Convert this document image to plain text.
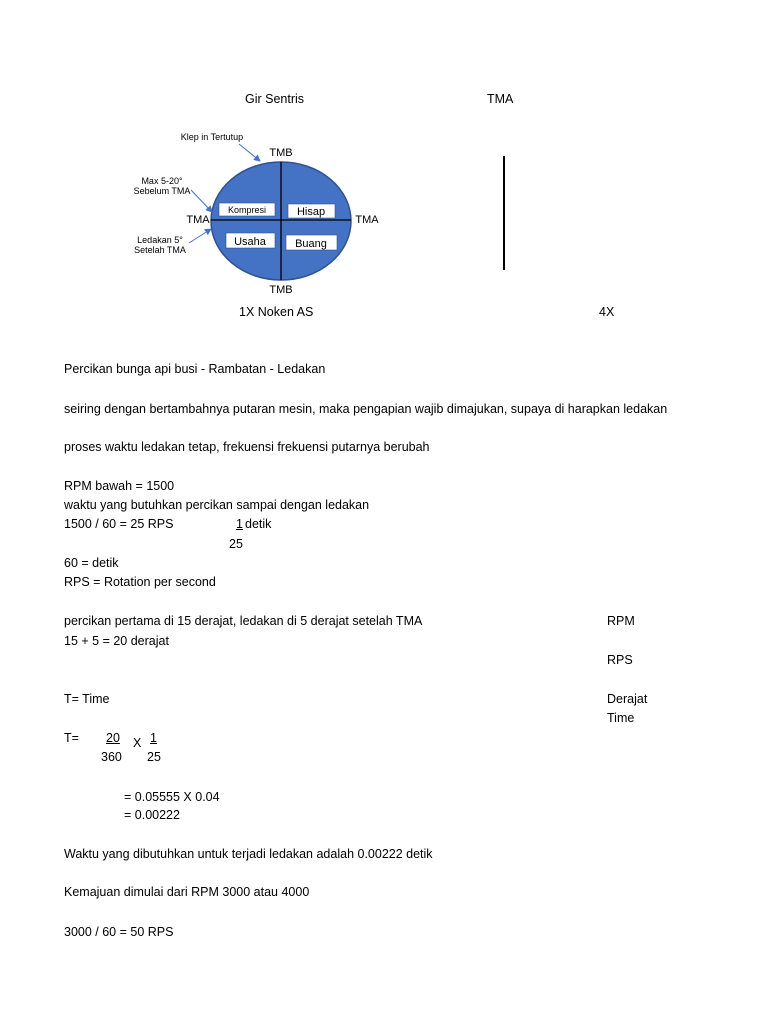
Gir Sentris	TMA
Kompresi	Hisap
Usaha	Buang
TMB
TMB
TMA	TMA
Klep in Tertutup
Max 5-20°
Sebelum TMA
Ledakan 5°
Setelah TMA
1X Noken AS	4X
Percikan bunga api busi - Rambatan - Ledakan
seiring dengan bertambahnya putaran mesin, maka pengapian wajib dimajukan, supaya di harapkan ledakan
proses waktu ledakan tetap, frekuensi frekuensi putarnya berubah
RPM bawah = 1500
waktu yang butuhkan percikan sampai dengan ledakan
1500 / 60 = 25 RPS	1 detik
25
60 = detik
RPS = Rotation per second
percikan pertama di 15 derajat, ledakan di 5 derajat setelah TMA
15 + 5 = 20 derajat
T= Time
T= 20
360
X 1
25
= 0.05555 X 0.04
= 0.00222
Waktu yang dibutuhkan untuk terjadi ledakan adalah 0.00222 detik
Kemajuan dimulai dari RPM 3000 atau 4000
3000 / 60 = 50 RPS
RPM
RPS
Derajat
Time
